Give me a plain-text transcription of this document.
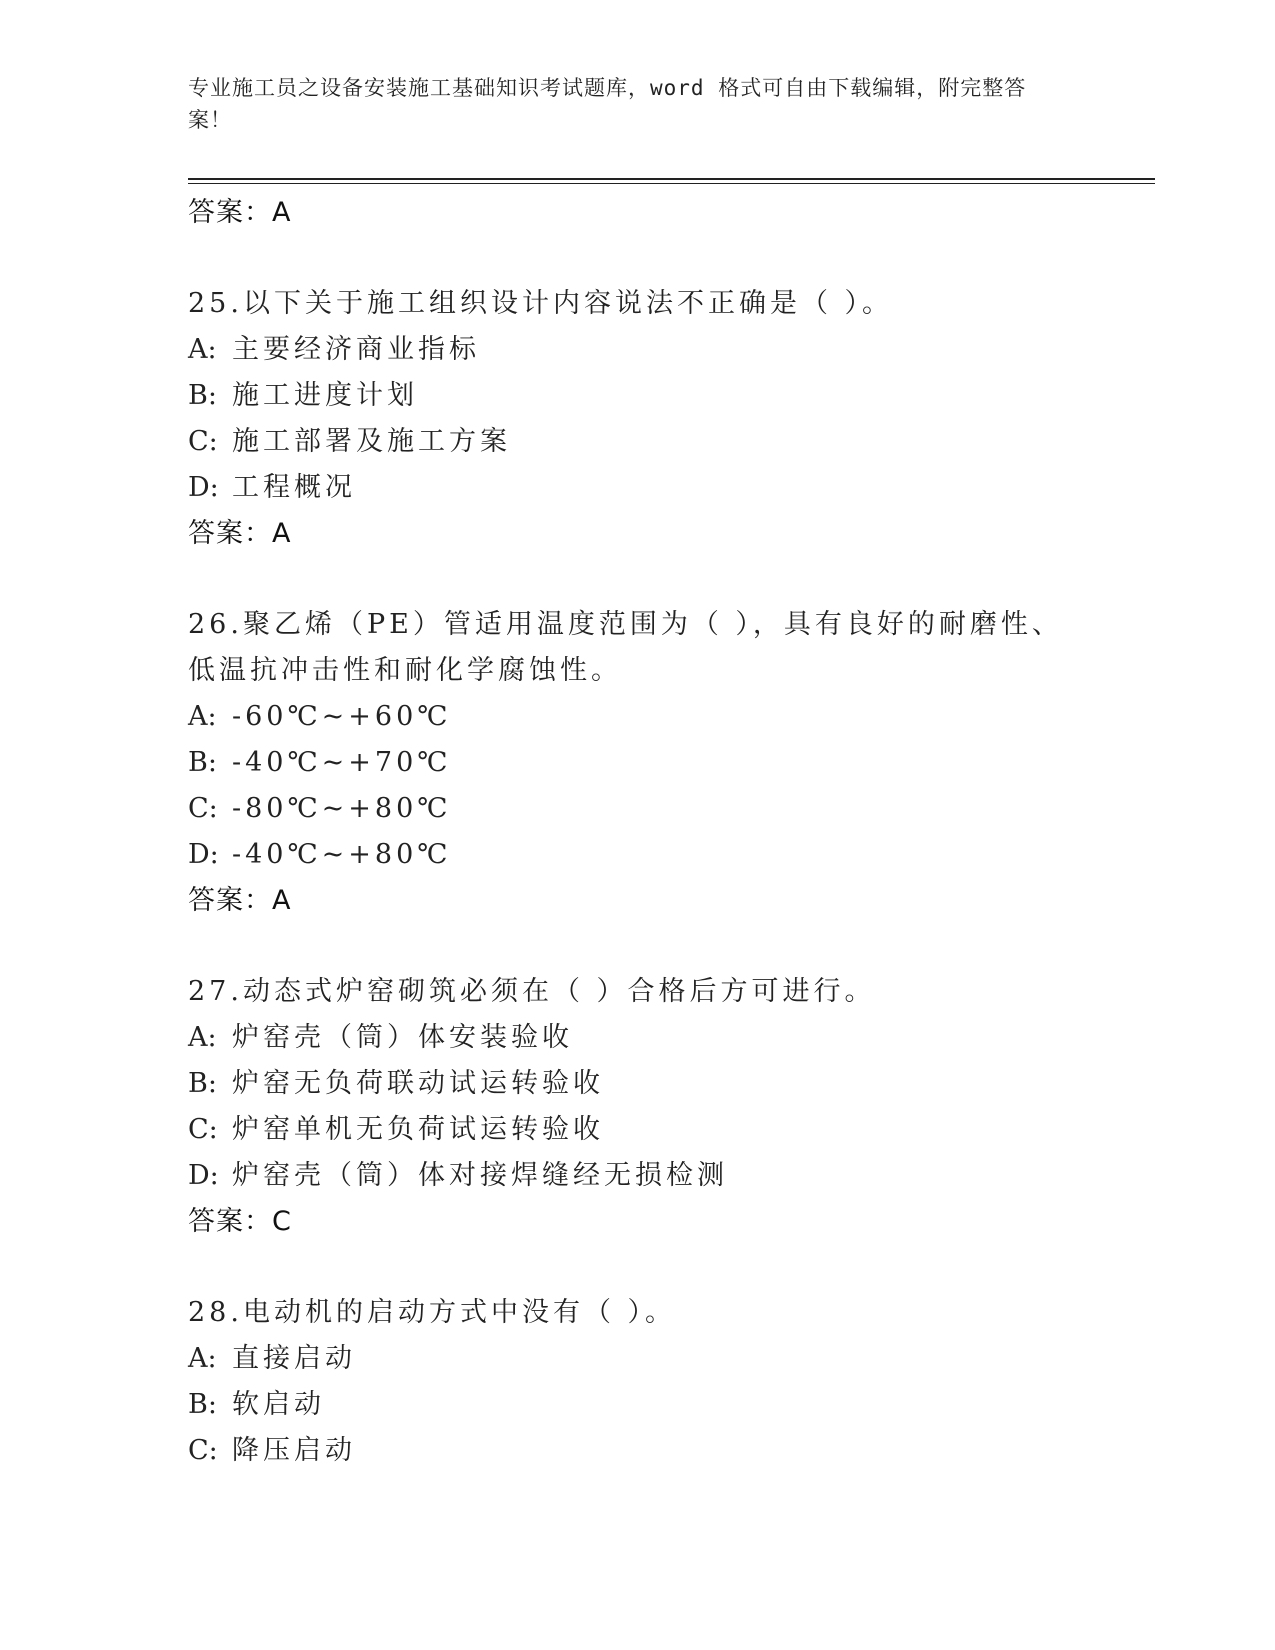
专业施工员之设备安装施工基础知识考试题库，word 格式可自由下载编辑，附完整答案！
答案：A
25.以下关于施工组织设计内容说法不正确是（ ）。
A: 主要经济商业指标
B: 施工进度计划
C: 施工部署及施工方案
D: 工程概况
答案：A
26.聚乙烯（PE）管适用温度范围为（ ），具有良好的耐磨性、低温抗冲击性和耐化学腐蚀性。
A: -60℃~+60℃
B: -40℃~+70℃
C: -80℃~+80℃
D: -40℃~+80℃
答案：A
27.动态式炉窑砌筑必须在（ ）合格后方可进行。
A: 炉窑壳（筒）体安装验收
B: 炉窑无负荷联动试运转验收
C: 炉窑单机无负荷试运转验收
D: 炉窑壳（筒）体对接焊缝经无损检测
答案：C
28.电动机的启动方式中没有（ ）。
A: 直接启动
B: 软启动
C: 降压启动
